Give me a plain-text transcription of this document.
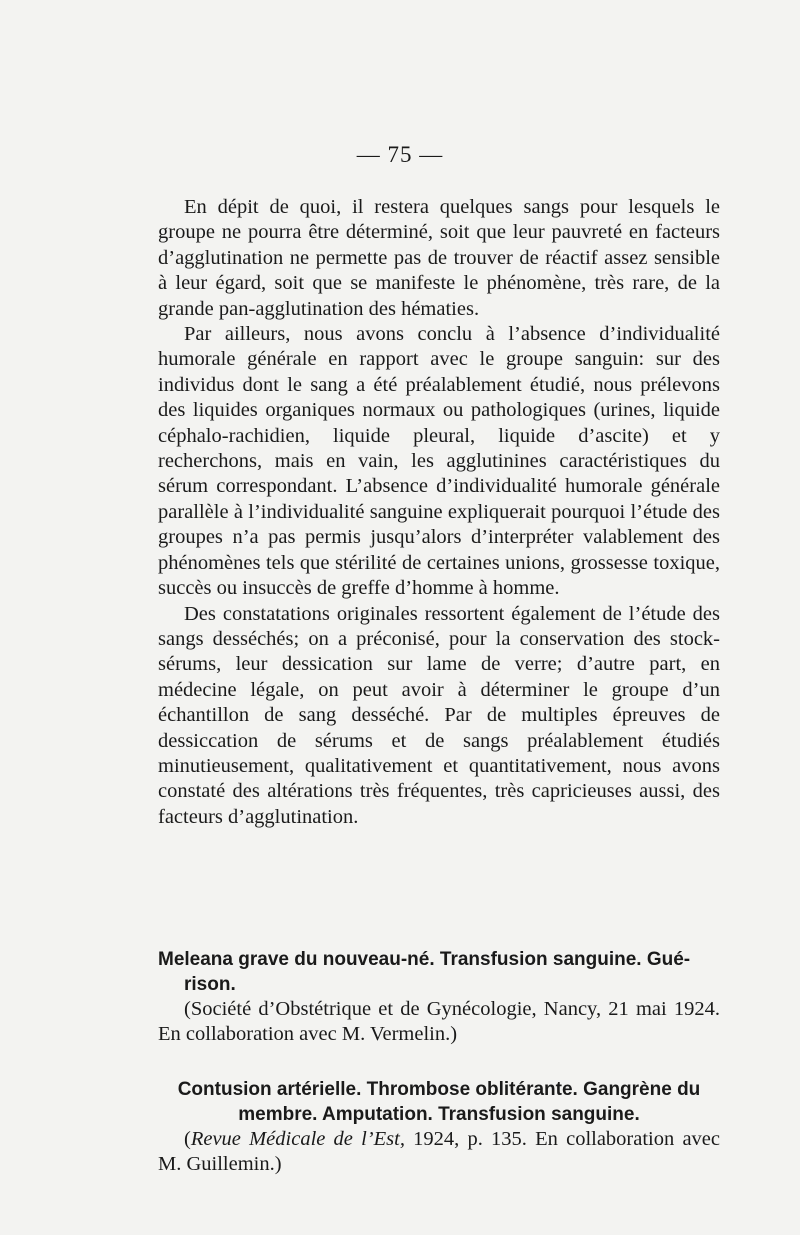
— 75 —

En dépit de quoi, il restera quelques sangs pour lesquels le groupe ne pourra être déterminé, soit que leur pauvreté en facteurs d’agglutination ne permette pas de trouver de réactif assez sensible à leur égard, soit que se manifeste le phénomène, très rare, de la grande pan-agglutination des hématies.

Par ailleurs, nous avons conclu à l’absence d’individualité humorale générale en rapport avec le groupe sanguin: sur des individus dont le sang a été préalablement étudié, nous prélevons des liquides organiques normaux ou pathologiques (urines, liquide céphalo-rachidien, liquide pleural, liquide d’ascite) et y recherchons, mais en vain, les agglutinines caractéristiques du sérum correspondant. L’absence d’individualité humorale générale parallèle à l’individualité sanguine expliquerait pourquoi l’étude des groupes n’a pas permis jusqu’alors d’interpréter valablement des phénomènes tels que stérilité de certaines unions, grossesse toxique, succès ou insuccès de greffe d’homme à homme.

Des constatations originales ressortent également de l’étude des sangs desséchés; on a préconisé, pour la conservation des stock-sérums, leur dessication sur lame de verre; d’autre part, en médecine légale, on peut avoir à déterminer le groupe d’un échantillon de sang desséché. Par de multiples épreuves de dessiccation de sérums et de sangs préalablement étudiés minutieusement, qualitativement et quantitativement, nous avons constaté des altérations très fréquentes, très capricieuses aussi, des facteurs d’agglutination.

Meleana grave du nouveau-né. Transfusion sanguine. Gué-
rison.

(Société d’Obstétrique et de Gynécologie, Nancy, 21 mai 1924. En collaboration avec M. Vermelin.)

Contusion artérielle. Thrombose oblitérante. Gangrène du
membre. Amputation. Transfusion sanguine.

(Revue Médicale de l’Est, 1924, p. 135. En collaboration avec M. Guillemin.)
